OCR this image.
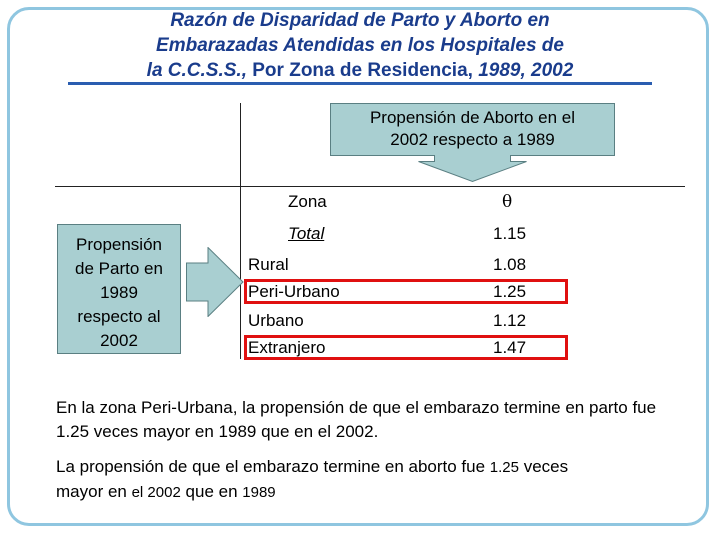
Razón de Disparidad de Parto y Aborto en
Embarazadas Atendidas en los Hospitales de
la C.C.S.S., Por Zona de Residencia, 1989, 2002
Propensión de Aborto en el
2002 respecto a 1989
Propensión
de Parto en
1989
respecto al
2002
Zona	θ
Total	1.15
Rural	1.08
Peri-Urbano	1.25
Urbano	1.12
Extranjero	1.47
En la zona Peri-Urbana, la propensión de que el embarazo termine en parto fue 1.25 veces mayor en 1989 que en el 2002.
La propensión de que el embarazo termine en aborto fue 1.25 veces
mayor en el 2002 que en 1989
